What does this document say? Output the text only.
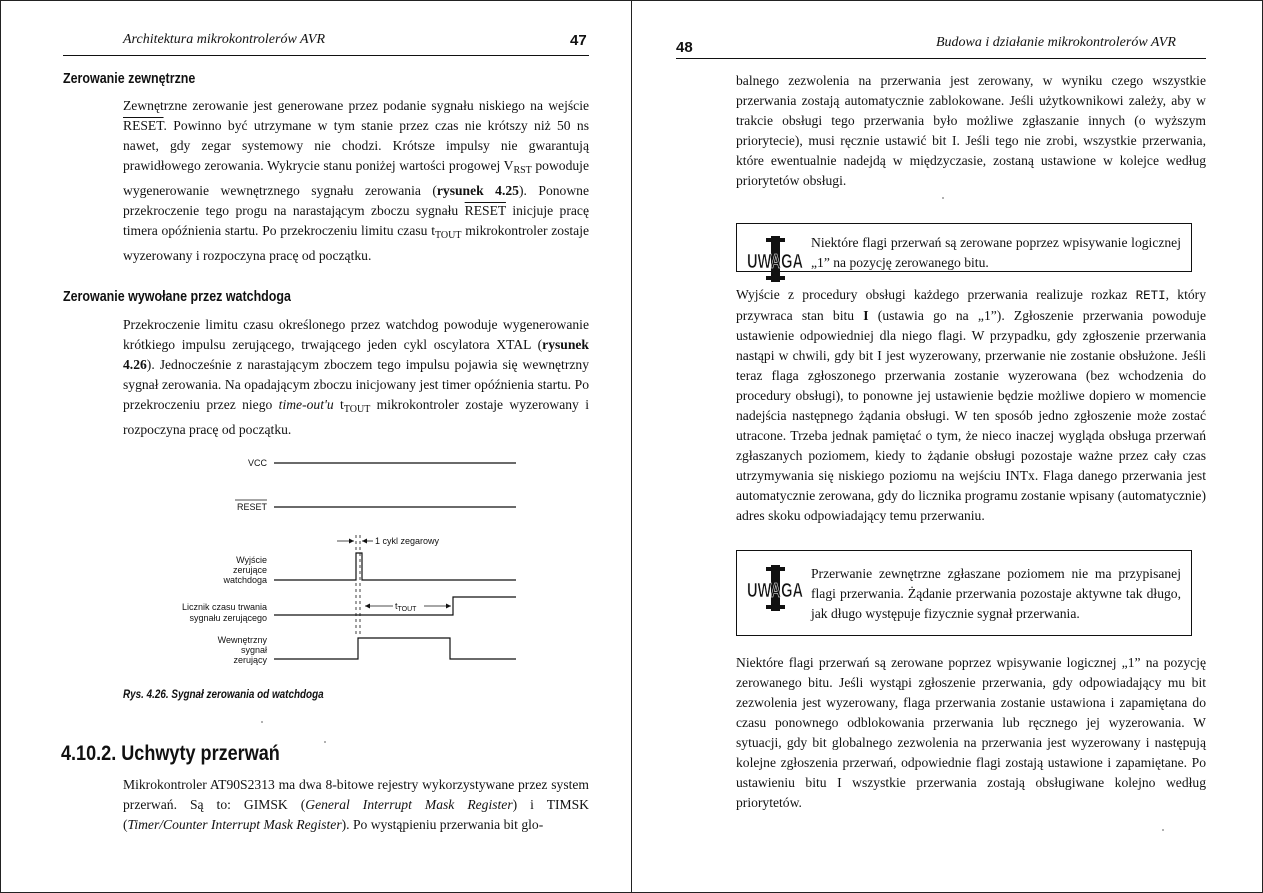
Architektura mikrokontrolerów AVR	47
Zerowanie zewnętrzne

Zewnętrzne zerowanie jest generowane przez podanie sygnału niskiego na wejście RESET. Powinno być utrzymane w tym stanie przez czas nie krótszy niż 50 ns nawet, gdy zegar systemowy nie chodzi. Krótsze impulsy nie gwarantują prawidłowego zerowania. Wykrycie stanu poniżej wartości progowej $V_{RST}$ powoduje wygenerowanie wewnętrznego sygnału zerowania (rysunek 4.25). Ponowne przekroczenie tego progu na narastającym zboczu sygnału RESET inicjuje pracę timera opóźnienia startu. Po przekroczeniu limitu czasu $t_{TOUT}$ mikrokontroler zostaje wyzerowany i rozpoczyna pracę od początku.

Zerowanie wywołane przez watchdoga

Przekroczenie limitu czasu określonego przez watchdog powoduje wygenerowanie krótkiego impulsu zerującego, trwającego jeden cykl oscylatora XTAL (rysunek 4.26). Jednocześnie z narastającym zboczem tego impulsu pojawia się wewnętrzny sygnał zerowania. Na opadającym zboczu inicjowany jest timer opóźnienia startu. Po przekroczeniu przez niego time-out'u $t_{TOUT}$ mikrokontroler zostaje wyzerowany i rozpoczyna pracę od początku.

VCC
RESET
1 cykl zegarowy
Wyjście
zerujące
watchdoga
Licznik czasu trwania
sygnału zerującego
$t_{TOUT}$
Wewnętrzny
sygnał
zerujący
Rys. 4.26. Sygnał zerowania od watchdoga
4.10.2. Uchwyty przerwań

Mikrokontroler AT90S2313 ma dwa 8-bitowe rejestry wykorzystywane przez system przerwań. Są to: GIMSK (General Interrupt Mask Register) i TIMSK (Timer/Counter Interrupt Mask Register). Po wystąpieniu przerwania bit glo-

48	Budowa i działanie mikrokontrolerów AVR

balnego zezwolenia na przerwania jest zerowany, w wyniku czego wszystkie przerwania zostają automatycznie zablokowane. Jeśli użytkownikowi zależy, aby w trakcie obsługi tego przerwania było możliwe zgłaszanie innych (o wyższym priorytecie), musi ręcznie ustawić bit I. Jeśli tego nie zrobi, wszystkie przerwania, które ewentualnie nadejdą w międzyczasie, zostaną ustawione w kolejce według priorytetów obsługi.

UWAGA

Niektóre flagi przerwań są zerowane poprzez wpisywanie logicznej „1” na pozycję zerowanego bitu.

Wyjście z procedury obsługi każdego przerwania realizuje rozkaz RETI, który przywraca stan bitu I (ustawia go na „1”). Zgłoszenie przerwania powoduje ustawienie odpowiedniej dla niego flagi. W przypadku, gdy zgłoszenie przerwania nastąpi w chwili, gdy bit I jest wyzerowany, przerwanie nie zostanie obsłużone. Jeśli teraz flaga zgłoszonego przerwania zostanie wyzerowana (bez wchodzenia do procedury obsługi), to ponowne jej ustawienie będzie możliwe dopiero w momencie nadejścia następnego żądania obsługi. W ten sposób jedno zgłoszenie może zostać utracone. Trzeba jednak pamiętać o tym, że nieco inaczej wygląda obsługa przerwań zgłaszanych poziomem, kiedy to żądanie obsługi pozostaje ważne przez cały czas utrzymywania się niskiego poziomu na wejściu INTx. Flaga danego przerwania jest automatycznie zerowana, gdy do licznika programu zostanie wpisany (automatycznie) adres skoku odpowiadający temu przerwaniu.

UWAGA

Przerwanie zewnętrzne zgłaszane poziomem nie ma przypisanej flagi przerwania. Żądanie przerwania pozostaje aktywne tak długo, jak długo występuje fizycznie sygnał przerwania.

Niektóre flagi przerwań są zerowane poprzez wpisywanie logicznej „1” na pozycję zerowanego bitu. Jeśli wystąpi zgłoszenie przerwania, gdy odpowiadający mu bit zezwolenia jest wyzerowany, flaga przerwania zostanie ustawiona i zapamiętana do czasu ponownego odblokowania przerwania lub ręcznego jej wyzerowania. W sytuacji, gdy bit globalnego zezwolenia na przerwania jest wyzerowany i następują kolejne zgłoszenia przerwań, odpowiednie flagi zostają ustawione i zapamiętane. Po ustawieniu bitu I wszystkie przerwania zostają obsługiwane kolejno według priorytetów.
